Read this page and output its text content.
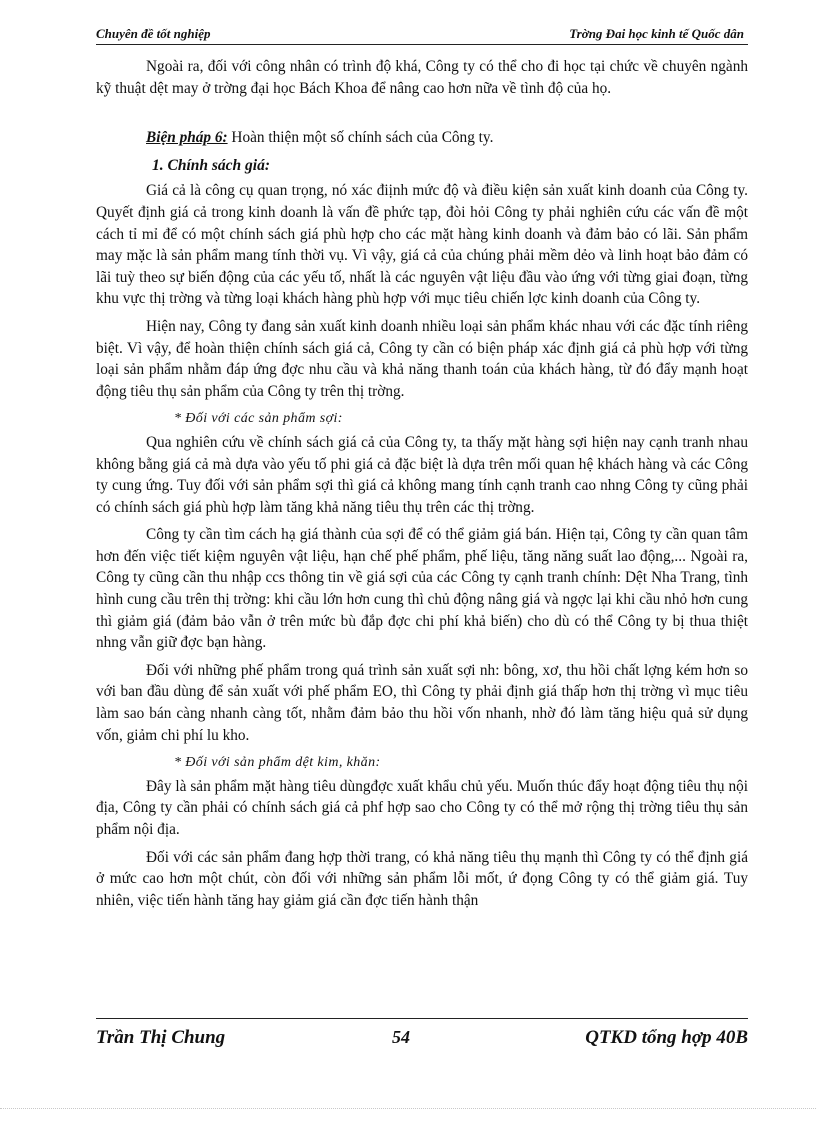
Chuyên đề tốt nghiệp	Trờng Đai học kinh tế Quốc dân

Ngoài ra, đối với công nhân có trình độ khá, Công ty có thể cho đi học tại chức về chuyên ngành kỹ thuật dệt may ở trờng đại học Bách Khoa để nâng cao hơn nữa về tình độ của họ.

Biện pháp 6: Hoàn thiện một số chính sách của Công ty.

1. Chính sách giá:

Giá cả là công cụ quan trọng, nó xác điịnh mức độ và điều kiện sản xuất kinh doanh của Công ty. Quyết định giá cả trong kinh doanh là vấn đề phức tạp, đòi hỏi Công ty phải nghiên cứu các vấn đề một cách tỉ mỉ để có một chính sách giá phù hợp cho các mặt hàng kinh doanh và đảm bảo có lãi. Sản phẩm may mặc là sản phẩm mang tính thời vụ. Vì vậy, giá cả của chúng phải mềm dẻo và linh hoạt bảo đảm có lãi tuỳ theo sự biến động của các yếu tố, nhất là các nguyên vật liệu đầu vào ứng với từng giai đoạn, từng khu vực thị trờng và từng loại khách hàng phù hợp với mục tiêu chiến lợc kinh doanh của Công ty.

Hiện nay, Công ty đang sản xuất kinh doanh nhiều loại sản phẩm khác nhau với các đặc tính riêng biệt. Vì vậy, để hoàn thiện chính sách giá cả, Công ty cần có biện pháp xác định giá cả phù hợp với từng loại sản phẩm nhằm đáp ứng đợc nhu cầu và khả năng thanh toán của khách hàng, từ đó đẩy mạnh hoạt động tiêu thụ sản phẩm của Công ty trên thị trờng.

* Đối với các sản phẩm sợi:

Qua nghiên cứu về chính sách giá cả của Công ty, ta thấy mặt hàng sợi hiện nay cạnh tranh nhau không bằng giá cả mà dựa vào yếu tố phi giá cả đặc biệt là dựa trên mối quan hệ khách hàng và các Công ty cung ứng. Tuy đối với sản phẩm sợi thì giá cả không mang tính cạnh tranh cao nhng Công ty cũng phải có chính sách giá phù hợp làm tăng khả năng tiêu thụ trên các thị trờng.

Công ty cần tìm cách hạ giá thành của sợi để có thể giảm giá bán. Hiện tại, Công ty cần quan tâm hơn đến việc tiết kiệm nguyên vật liệu, hạn chế phế phẩm, phế liệu, tăng năng suất lao động,... Ngoài ra, Công ty cũng cần thu nhập ccs thông tin về giá sợi của các Công ty cạnh tranh chính: Dệt Nha Trang, tình hình cung cầu trên thị trờng: khi cầu lớn hơn cung thì chủ động nâng giá và ngợc lại khi cầu nhỏ hơn cung thì giảm giá (đảm bảo vẫn ở trên mức bù đắp đợc chi phí khả biến) cho dù có thể Công ty bị thua thiệt nhng vẫn giữ đợc bạn hàng.

Đối với những phế phẩm trong quá trình sản xuất sợi nh: bông, xơ, thu hồi chất lợng kém hơn so với ban đầu dùng để sản xuất với phế phẩm EO, thì Công ty phải định giá thấp hơn thị trờng vì mục tiêu làm sao bán càng nhanh càng tốt, nhằm đảm bảo thu hồi vốn nhanh, nhờ đó làm tăng hiệu quả sử dụng vốn, giảm chi phí lu kho.

* Đối với sản phẩm dệt kim, khăn:

Đây là sản phẩm mặt hàng tiêu dùngđợc xuất khẩu chủ yếu. Muốn thúc đẩy hoạt động tiêu thụ nội địa, Công ty cần phải có chính sách giá cả phf hợp sao cho Công ty có thể mở rộng thị trờng tiêu thụ sản phẩm nội địa.

Đối với các sản phẩm đang hợp thời trang, có khả năng tiêu thụ mạnh thì Công ty có thể định giá ở mức cao hơn một chút, còn đối với những sản phẩm lỗi mốt, ứ đọng Công ty có thể giảm giá. Tuy nhiên, việc tiến hành tăng hay giảm giá cần đợc tiến hành thận

Trần Thị Chung	54	QTKD tổng hợp 40B
